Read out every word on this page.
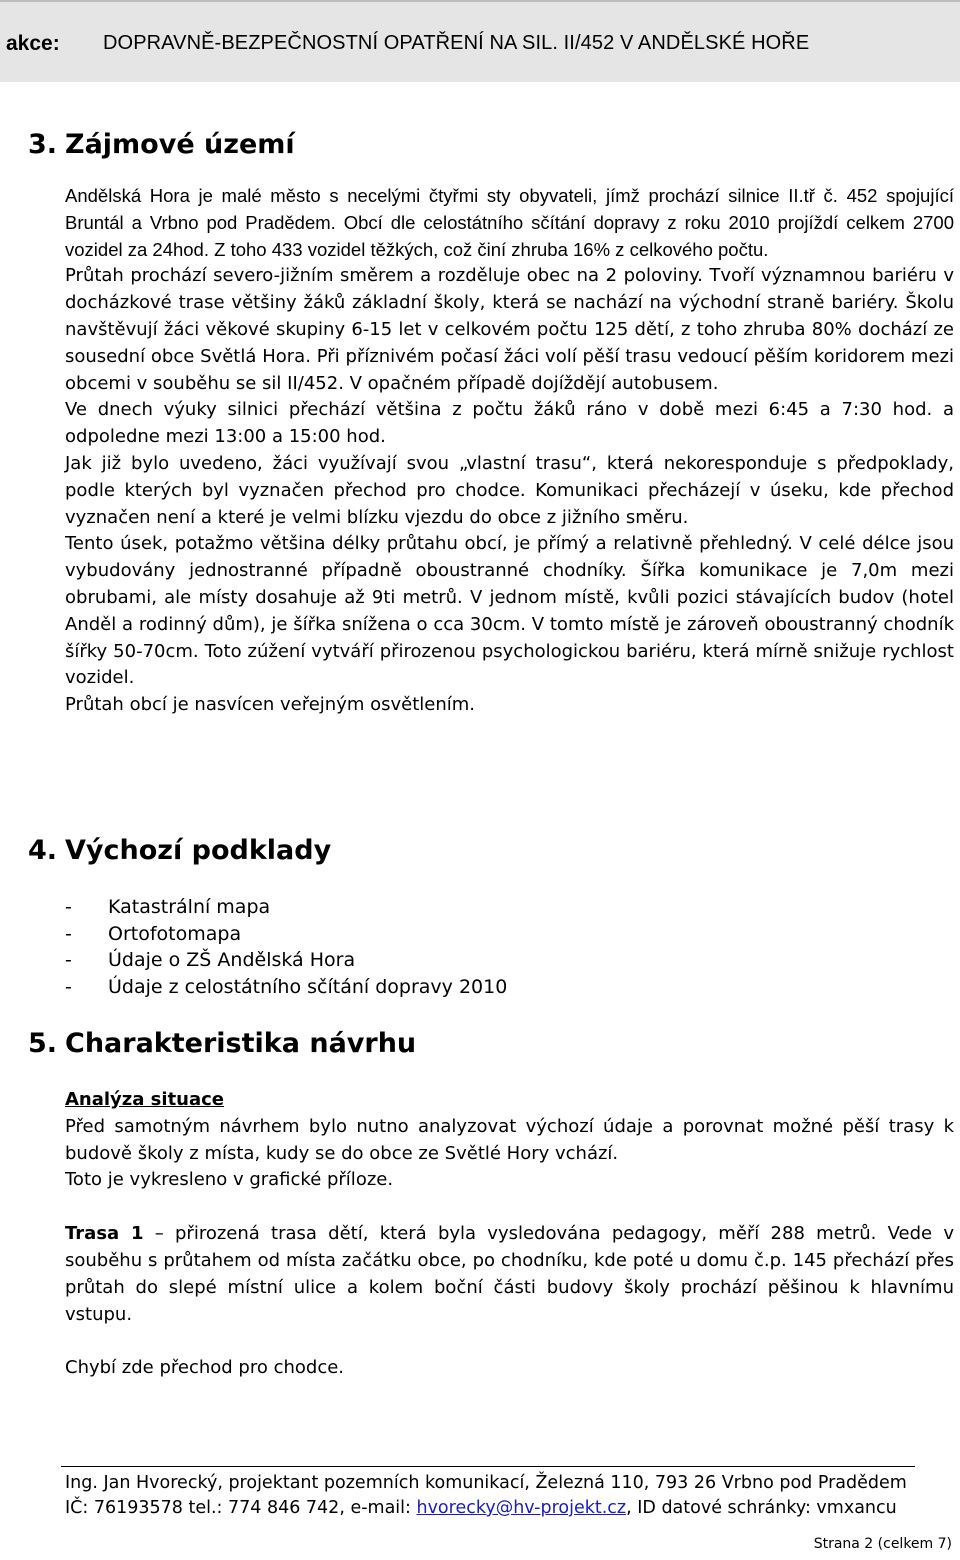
akce: DOPRAVNĚ-BEZPEČNOSTNÍ OPATŘENÍ NA SIL. II/452 V ANDĚLSKÉ HOŘE
3. Zájmové území

Andělská Hora je malé město s necelými čtyřmi sty obyvateli, jímž prochází silnice II.tř č. 452 spojující Bruntál a Vrbno pod Pradědem. Obcí dle celostátního sčítání dopravy z roku 2010 projíždí celkem 2700 vozidel za 24hod. Z toho 433 vozidel těžkých, což činí zhruba 16% z celkového počtu.

Průtah prochází severo-jižním směrem a rozděluje obec na 2 poloviny. Tvoří významnou bariéru v docházkové trase většiny žáků základní školy, která se nachází na východní straně bariéry. Školu navštěvují žáci věkové skupiny 6-15 let v celkovém počtu 125 dětí, z toho zhruba 80% dochází ze sousední obce Světlá Hora. Při příznivém počasí žáci volí pěší trasu vedoucí pěším koridorem mezi obcemi v souběhu se sil II/452. V opačném případě dojíždějí autobusem.

Ve dnech výuky silnici přechází většina z počtu žáků ráno v době mezi 6:45 a 7:30 hod. a odpoledne mezi 13:00 a 15:00 hod.

Jak již bylo uvedeno, žáci využívají svou „vlastní trasu“, která nekoresponduje s předpoklady, podle kterých byl vyznačen přechod pro chodce. Komunikaci přecházejí v úseku, kde přechod vyznačen není a které je velmi blízku vjezdu do obce z jižního směru.

Tento úsek, potažmo většina délky průtahu obcí, je přímý a relativně přehledný. V celé délce jsou vybudovány jednostranné případně oboustranné chodníky. Šířka komunikace je 7,0m mezi obrubami, ale místy dosahuje až 9ti metrů. V jednom místě, kvůli pozici stávajících budov (hotel Anděl a rodinný dům), je šířka snížena o cca 30cm. V tomto místě je zároveň oboustranný chodník šířky 50-70cm. Toto zúžení vytváří přirozenou psychologickou bariéru, která mírně snižuje rychlost vozidel.

Průtah obcí je nasvícen veřejným osvětlením.

4. Výchozí podklady
- Katastrální mapa
- Ortofotomapa
- Údaje o ZŠ Andělská Hora
- Údaje z celostátního sčítání dopravy 2010
5. Charakteristika návrhu

Analýza situace

Před samotným návrhem bylo nutno analyzovat výchozí údaje a porovnat možné pěší trasy k budově školy z místa, kudy se do obce ze Světlé Hory vchází.

Toto je vykresleno v grafické příloze.

Trasa 1 – přirozená trasa dětí, která byla vysledována pedagogy, měří 288 metrů. Vede v souběhu s průtahem od místa začátku obce, po chodníku, kde poté u domu č.p. 145 přechází přes průtah do slepé místní ulice a kolem boční části budovy školy prochází pěšinou k hlavnímu vstupu.

Chybí zde přechod pro chodce.

Ing. Jan Hvorecký, projektant pozemních komunikací, Železná 110, 793 26 Vrbno pod Pradědem
IČ: 76193578 tel.: 774 846 742, e-mail: hvorecky@hv-projekt.cz, ID datové schránky: vmxancu
Strana 2 (celkem 7)
